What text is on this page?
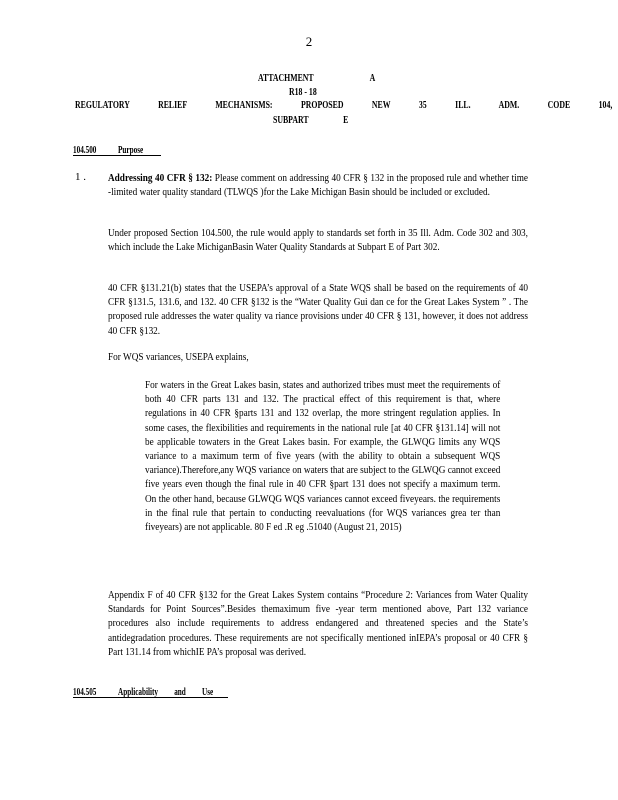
2
ATTACHMENT A
R18 - 18
REGULATORY RELIEF MECHANISMS: PROPOSED NEW 35 ILL. ADM. CODE 104,
SUBPART E
104.500 Purpose
1 . Addressing 40 CFR § 132: Please comment on addressing 40 CFR § 132 in the proposed rule and whether time -limited water quality standard (TLWQS )for the Lake Michigan Basin should be included or excluded.
Under proposed Section 104.500, the rule would apply to standards set forth in 35 Ill. Adm. Code 302 and 303, which include the Lake MichiganBasin Water Quality Standards at Subpart E of Part 302.
40 CFR §131.21(b) states that the USEPA’s approval of a State WQS shall be based on the requirements of 40 CFR §131.5, 131.6, and 132. 40 CFR §132 is the “Water Quality Gui dan ce for the Great Lakes System ” . The proposed rule addresses the water quality va riance provisions under 40 CFR § 131, however, it does not address 40 CFR §132.
For WQS variances, USEPA explains,
For waters in the Great Lakes basin, states and authorized tribes must meet the requirements of both 40 CFR parts 131 and 132. The practical effect of this requirement is that, where regulations in 40 CFR §parts 131 and 132 overlap, the more stringent regulation applies. In some cases, the flexibilities and requirements in the national rule [at 40 CFR §131.14] will not be applicable towaters in the Great Lakes basin. For example, the GLWQG limits any WQS variance to a maximum term of five years (with the ability to obtain a subsequent WQS variance).Therefore,any WQS variance on waters that are subject to the GLWQG cannot exceed five years even though the final rule in 40 CFR §part 131 does not specify a maximum term. On the other hand, because GLWQG WQS variances cannot exceed fiveyears. the requirements in the final rule that pertain to conducting reevaluations (for WQS variances grea ter than fiveyears) are not applicable. 80 F ed .R eg .51040 (August 21, 2015)
Appendix F of 40 CFR §132 for the Great Lakes System contains “Procedure 2: Variances from Water Quality Standards for Point Sources”.Besides themaximum five -year term mentioned above, Part 132 variance procedures also include requirements to address endangered and threatened species and the State’s antidegradation procedures. These requirements are not specifically mentioned inIEPA’s proposal or 40 CFR § Part 131.14 from whichIE PA’s proposal was derived.
104.505 Applicability and Use
